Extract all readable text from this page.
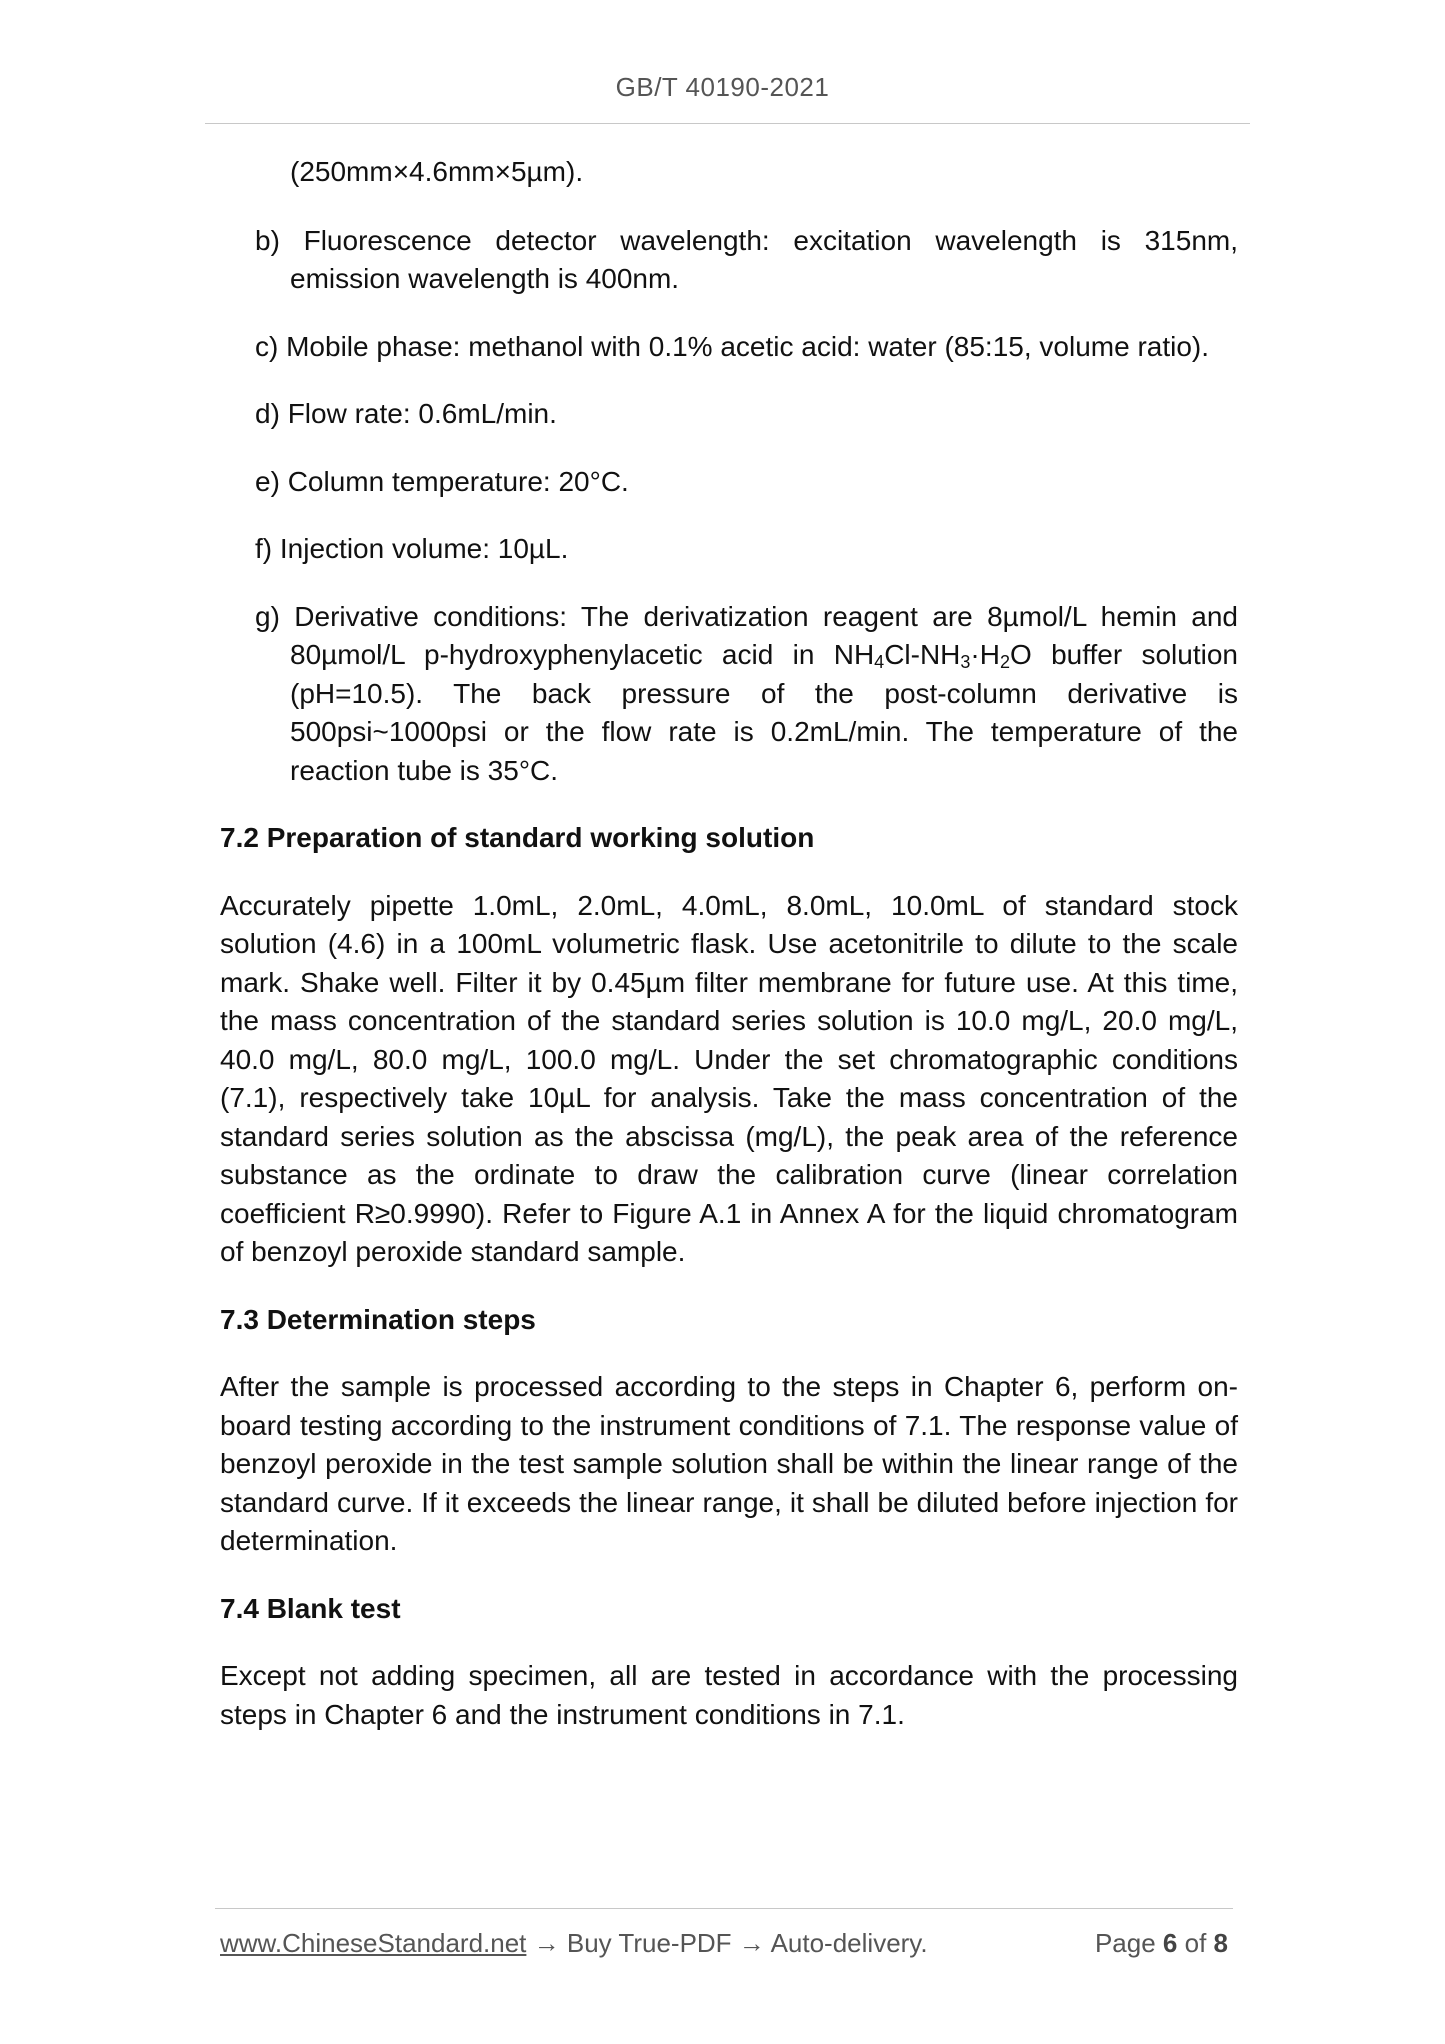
GB/T 40190-2021

(250mm×4.6mm×5µm).

b) Fluorescence detector wavelength: excitation wavelength is 315nm, emission wavelength is 400nm.

c) Mobile phase: methanol with 0.1% acetic acid: water (85:15, volume ratio).

d) Flow rate: 0.6mL/min.

e) Column temperature: 20°C.

f) Injection volume: 10µL.

g) Derivative conditions: The derivatization reagent are 8µmol/L hemin and 80µmol/L p-hydroxyphenylacetic acid in $NH_4Cl-NH_3\cdot H_2O$ buffer solution (pH=10.5). The back pressure of the post-column derivative is 500psi~1000psi or the flow rate is 0.2mL/min. The temperature of the reaction tube is 35°C.

7.2 Preparation of standard working solution

Accurately pipette 1.0mL, 2.0mL, 4.0mL, 8.0mL, 10.0mL of standard stock solution (4.6) in a 100mL volumetric flask. Use acetonitrile to dilute to the scale mark. Shake well. Filter it by 0.45µm filter membrane for future use. At this time, the mass concentration of the standard series solution is 10.0 mg/L, 20.0 mg/L, 40.0 mg/L, 80.0 mg/L, 100.0 mg/L. Under the set chromatographic conditions (7.1), respectively take 10µL for analysis. Take the mass concentration of the standard series solution as the abscissa (mg/L), the peak area of the reference substance as the ordinate to draw the calibration curve (linear correlation coefficient R≥0.9990). Refer to Figure A.1 in Annex A for the liquid chromatogram of benzoyl peroxide standard sample.

7.3 Determination steps

After the sample is processed according to the steps in Chapter 6, perform on-board testing according to the instrument conditions of 7.1. The response value of benzoyl peroxide in the test sample solution shall be within the linear range of the standard curve. If it exceeds the linear range, it shall be diluted before injection for determination.

7.4 Blank test

Except not adding specimen, all are tested in accordance with the processing steps in Chapter 6 and the instrument conditions in 7.1.

www.ChineseStandard.net → Buy True-PDF → Auto-delivery.	Page 6 of 8
